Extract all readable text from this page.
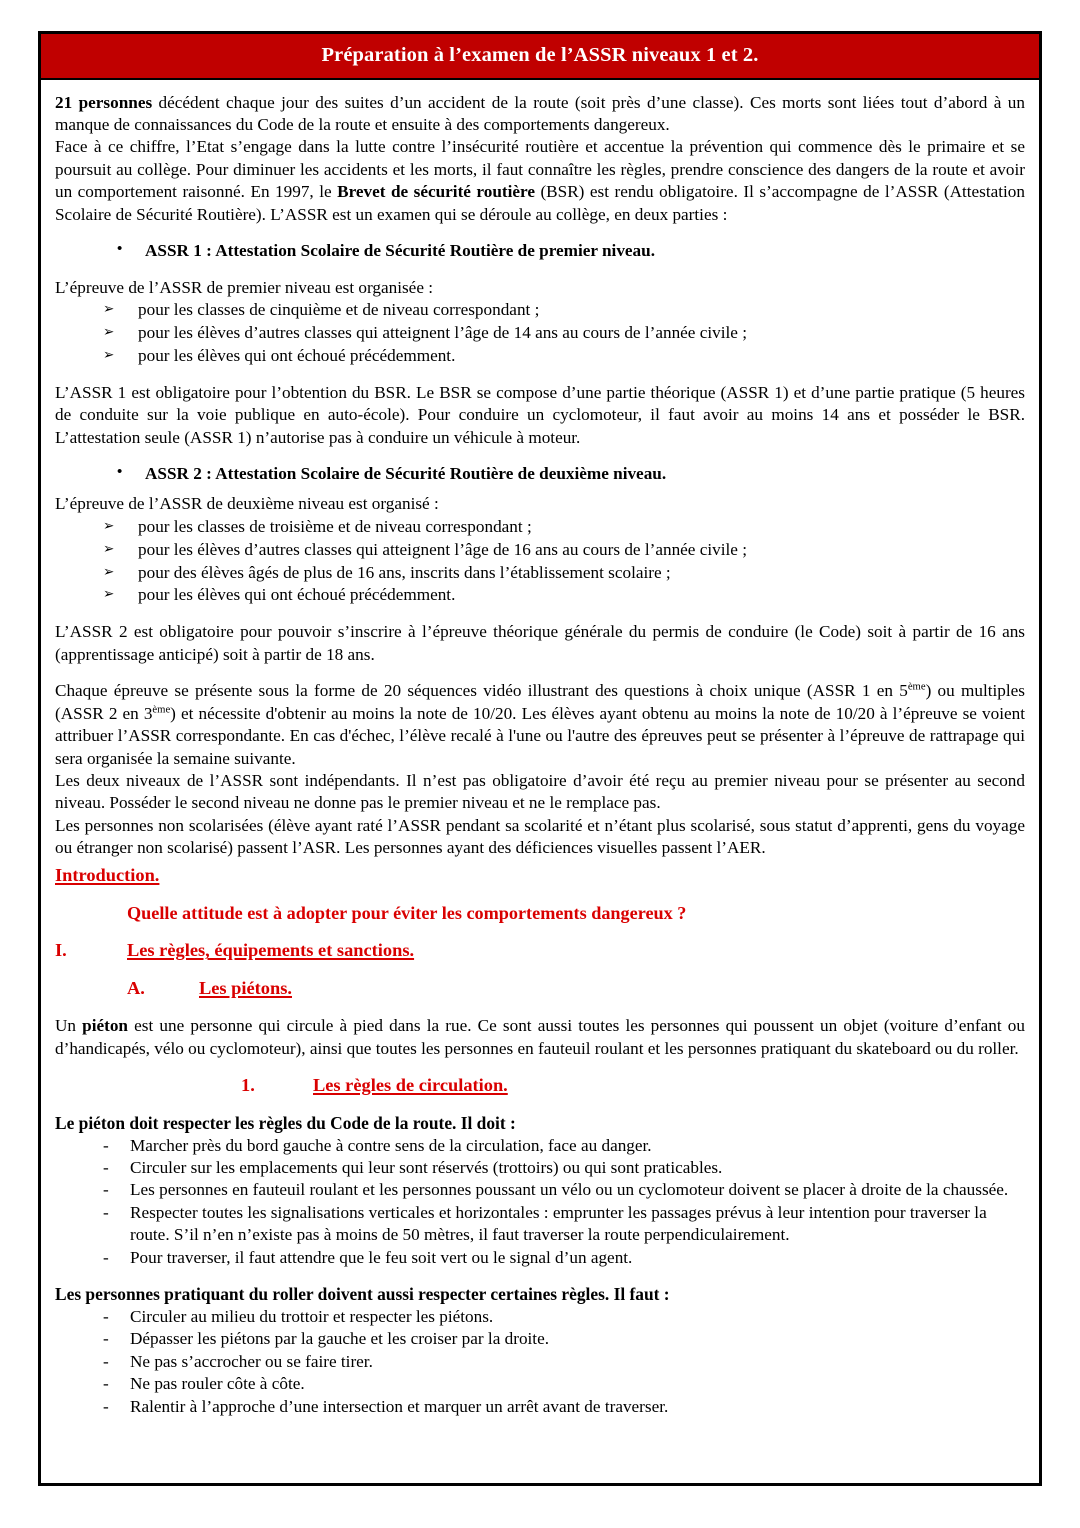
Préparation à l’examen de l’ASSR niveaux 1 et 2.

21 personnes décédent chaque jour des suites d’un accident de la route (soit près d’une classe). Ces morts sont liées tout d’abord à un manque de connaissances du Code de la route et ensuite à des comportements dangereux.

Face à ce chiffre, l’Etat s’engage dans la lutte contre l’insécurité routière et accentue la prévention qui commence dès le primaire et se poursuit au collège. Pour diminuer les accidents et les morts, il faut connaître les règles, prendre conscience des dangers de la route et avoir un comportement raisonné. En 1997, le Brevet de sécurité routière (BSR) est rendu obligatoire. Il s’accompagne de l’ASSR (Attestation Scolaire de Sécurité Routière). L’ASSR est un examen qui se déroule au collège, en deux parties :

•	ASSR 1 : Attestation Scolaire de Sécurité Routière de premier niveau.

L’épreuve de l’ASSR de premier niveau est organisée :

➢	pour les classes de cinquième et de niveau correspondant ;
➢	pour les élèves d’autres classes qui atteignent l’âge de 14 ans au cours de l’année civile ;
➢	pour les élèves qui ont échoué précédemment.

L’ASSR 1 est obligatoire pour l’obtention du BSR. Le BSR se compose d’une partie théorique (ASSR 1) et d’une partie pratique (5 heures de conduite sur la voie publique en auto-école). Pour conduire un cyclomoteur, il faut avoir au moins 14 ans et posséder le BSR. L’attestation seule (ASSR 1) n’autorise pas à conduire un véhicule à moteur.

•	ASSR 2 : Attestation Scolaire de Sécurité Routière de deuxième niveau.

L’épreuve de l’ASSR de deuxième niveau est organisé :

➢	pour les classes de troisième et de niveau correspondant ;
➢	pour les élèves d’autres classes qui atteignent l’âge de 16 ans au cours de l’année civile ;
➢	pour des élèves âgés de plus de 16 ans, inscrits dans l’établissement scolaire ;
➢	pour les élèves qui ont échoué précédemment.

L’ASSR 2 est obligatoire pour pouvoir s’inscrire à l’épreuve théorique générale du permis de conduire (le Code) soit à partir de 16 ans (apprentissage anticipé) soit à partir de 18 ans.

Chaque épreuve se présente sous la forme de 20 séquences vidéo illustrant des questions à choix unique (ASSR 1 en 5ème) ou multiples (ASSR 2 en 3ème) et nécessite d'obtenir au moins la note de 10/20. Les élèves ayant obtenu au moins la note de 10/20 à l’épreuve se voient attribuer l’ASSR correspondante. En cas d'échec, l’élève recalé à l'une ou l'autre des épreuves peut se présenter à l’épreuve de rattrapage qui sera organisée la semaine suivante.

Les deux niveaux de l’ASSR sont indépendants. Il n’est pas obligatoire d’avoir été reçu au premier niveau pour se présenter au second niveau. Posséder le second niveau ne donne pas le premier niveau et ne le remplace pas.

Les personnes non scolarisées (élève ayant raté l’ASSR pendant sa scolarité et n’étant plus scolarisé, sous statut d’apprenti, gens du voyage ou étranger non scolarisé) passent l’ASR. Les personnes ayant des déficiences visuelles passent l’AER.

Introduction.
Quelle attitude est à adopter pour éviter les comportements dangereux ?
I.	Les règles, équipements et sanctions.
A.	Les piétons.

Un piéton est une personne qui circule à pied dans la rue. Ce sont aussi toutes les personnes qui poussent un objet (voiture d’enfant ou d’handicapés, vélo ou cyclomoteur), ainsi que toutes les personnes en fauteuil roulant et les personnes pratiquant du skateboard ou du roller.

1.	Les règles de circulation.

Le piéton doit respecter les règles du Code de la route. Il doit :

-	Marcher près du bord gauche à contre sens de la circulation, face au danger.
-	Circuler sur les emplacements qui leur sont réservés (trottoirs) ou qui sont praticables.
-	Les personnes en fauteuil roulant et les personnes poussant un vélo ou un cyclomoteur doivent se placer à droite de la chaussée.
-	Respecter toutes les signalisations verticales et horizontales : emprunter les passages prévus à leur intention pour traverser la route. S’il n’en n’existe pas à moins de 50 mètres, il faut traverser la route perpendiculairement.
-	Pour traverser, il faut attendre que le feu soit vert ou le signal d’un agent.

Les personnes pratiquant du roller doivent aussi respecter certaines règles. Il faut :

-	Circuler au milieu du trottoir et respecter les piétons.
-	Dépasser les piétons par la gauche et les croiser par la droite.
-	Ne pas s’accrocher ou se faire tirer.
-	Ne pas rouler côte à côte.
-	Ralentir à l’approche d’une intersection et marquer un arrêt avant de traverser.
